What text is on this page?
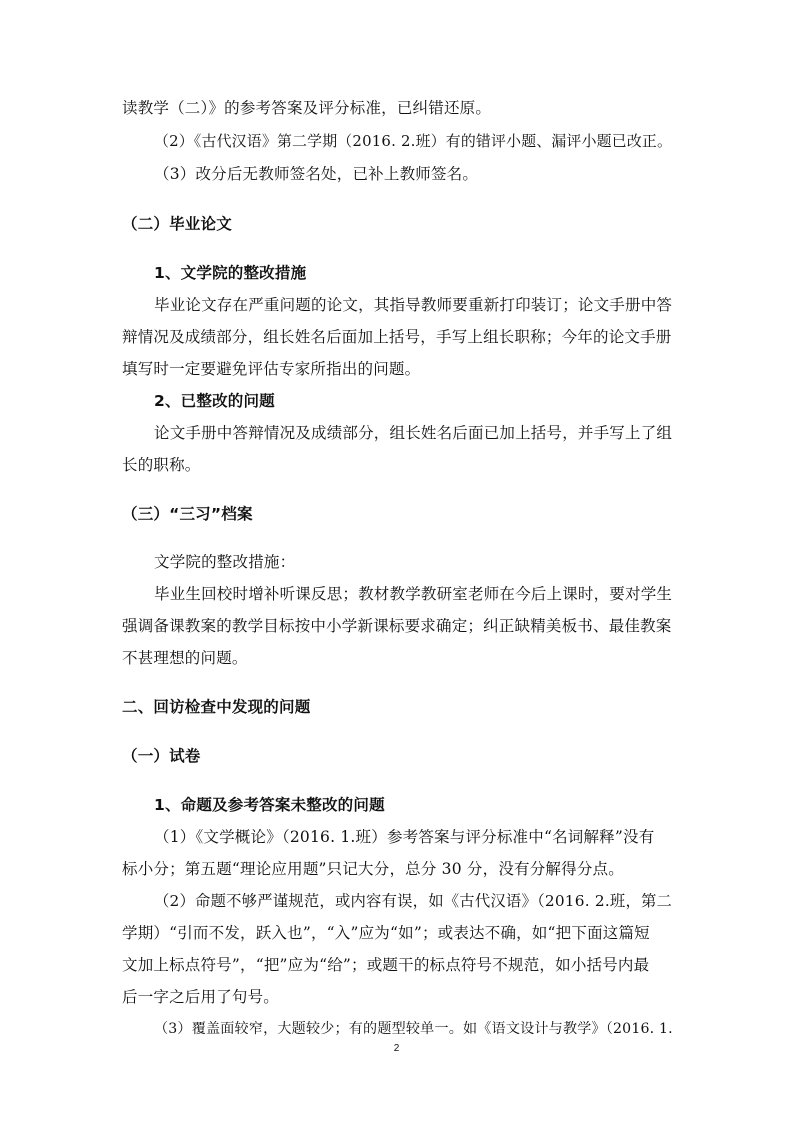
读教学（二）》的参考答案及评分标准，已纠错还原。
（2）《古代汉语》第二学期（2016. 2.班）有的错评小题、漏评小题已改正。
（3）改分后无教师签名处，已补上教师签名。
（二）毕业论文
1、文学院的整改措施
毕业论文存在严重问题的论文，其指导教师要重新打印装订；论文手册中答
辩情况及成绩部分，组长姓名后面加上括号，手写上组长职称；今年的论文手册
填写时一定要避免评估专家所指出的问题。
2、已整改的问题
论文手册中答辩情况及成绩部分，组长姓名后面已加上括号，并手写上了组
长的职称。
（三）“三习”档案
文学院的整改措施：
毕业生回校时增补听课反思；教材教学教研室老师在今后上课时，要对学生
强调备课教案的教学目标按中小学新课标要求确定；纠正缺精美板书、最佳教案
不甚理想的问题。
二、回访检查中发现的问题
（一）试卷
1、命题及参考答案未整改的问题
（1）《文学概论》（2016. 1.班）参考答案与评分标准中“名词解释”没有
标小分；第五题“理论应用题”只记大分，总分 30 分，没有分解得分点。
（2）命题不够严谨规范，或内容有误，如《古代汉语》（2016. 2.班，第二
学期）“引而不发，跃入也”，“入”应为“如”；或表达不确，如“把下面这篇短
文加上标点符号”，“把”应为“给”；或题干的标点符号不规范，如小括号内最
后一字之后用了句号。
（3）覆盖面较窄，大题较少；有的题型较单一。如《语文设计与教学》（2016. 1.
2
